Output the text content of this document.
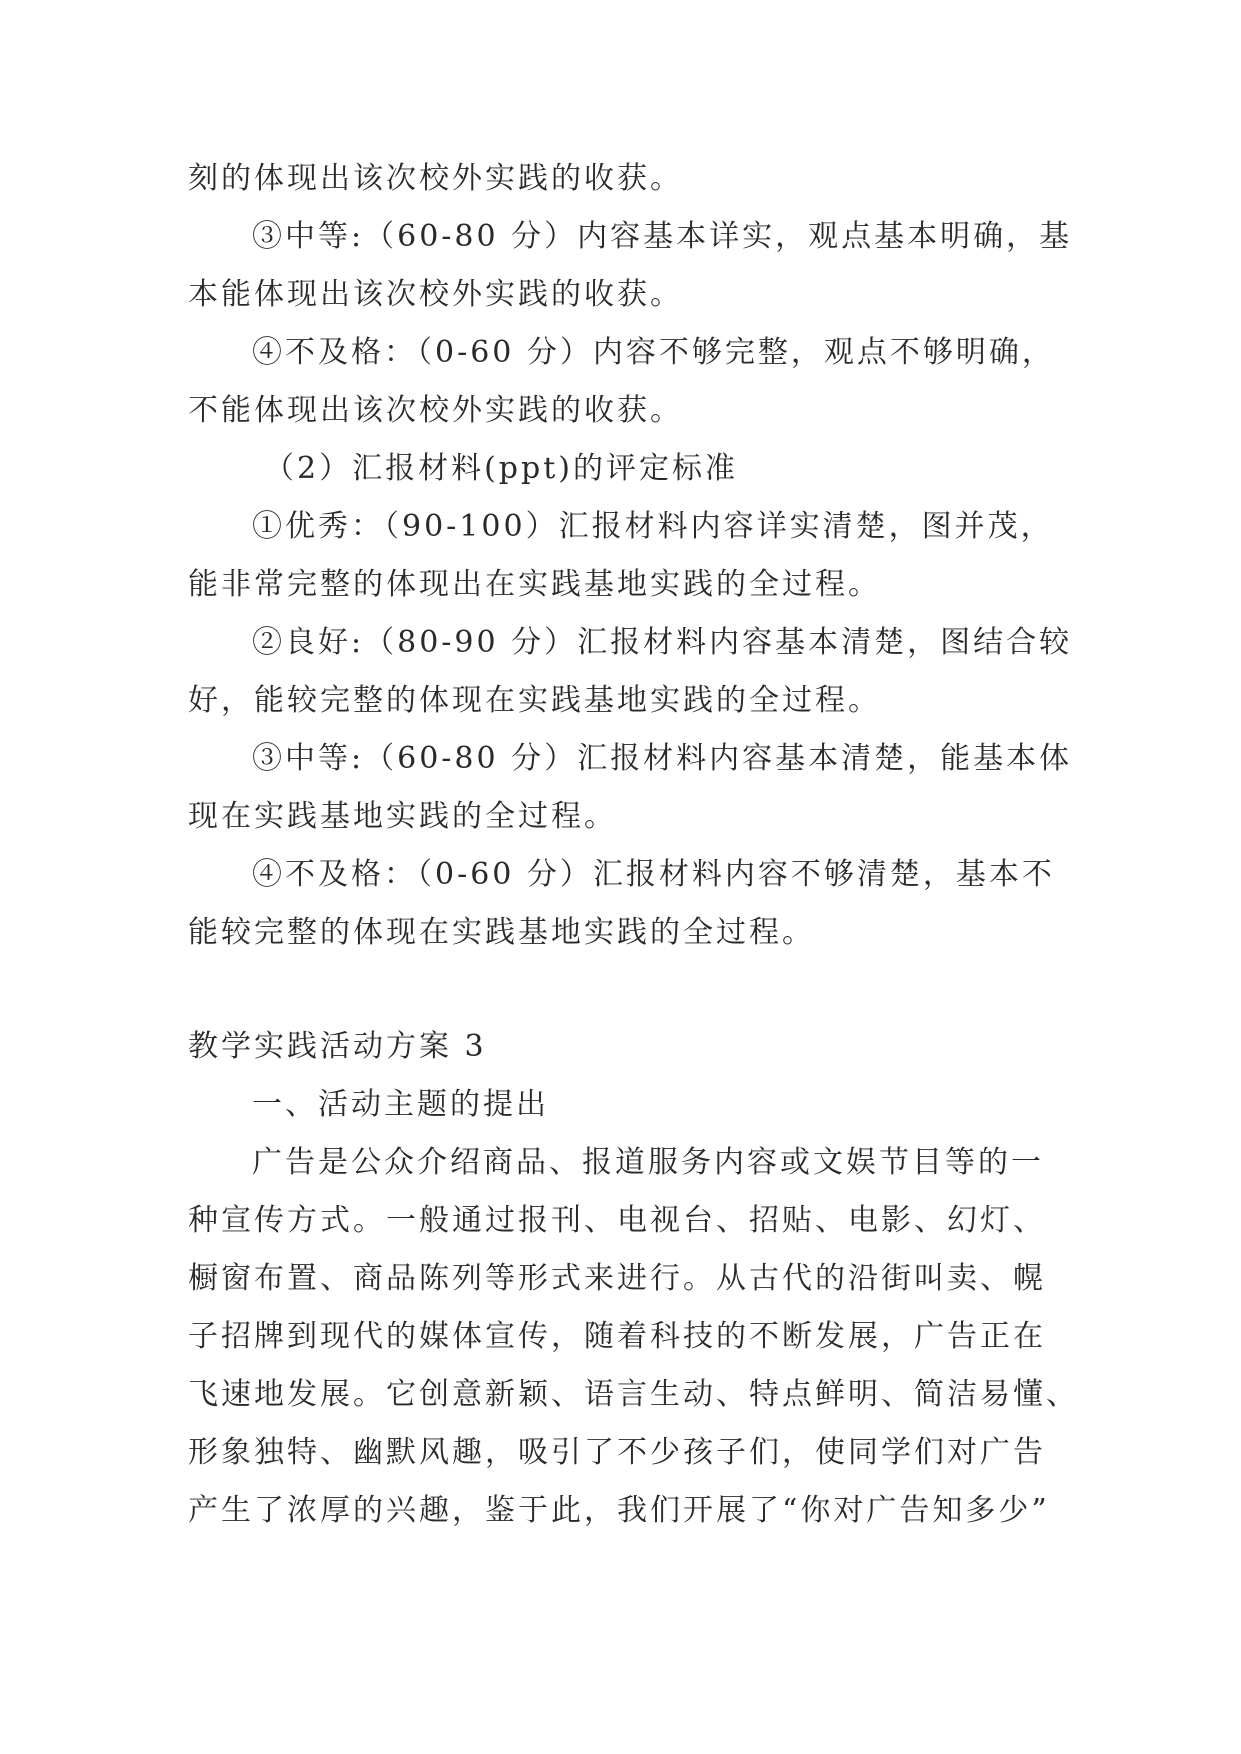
刻的体现出该次校外实践的收获。
③中等:（60-80 分）内容基本详实，观点基本明确，基
本能体现出该次校外实践的收获。
④不及格：（0-60 分）内容不够完整，观点不够明确，
不能体现出该次校外实践的收获。
（2）汇报材料(ppt)的评定标准
①优秀：（90-100）汇报材料内容详实清楚，图并茂，
能非常完整的体现出在实践基地实践的全过程。
②良好:（80-90 分）汇报材料内容基本清楚，图结合较
好，能较完整的体现在实践基地实践的全过程。
③中等:（60-80 分）汇报材料内容基本清楚，能基本体
现在实践基地实践的全过程。
④不及格：（0-60 分）汇报材料内容不够清楚，基本不
能较完整的体现在实践基地实践的全过程。
教学实践活动方案 3
一、活动主题的提出
广告是公众介绍商品、报道服务内容或文娱节目等的一
种宣传方式。一般通过报刊、电视台、招贴、电影、幻灯、
橱窗布置、商品陈列等形式来进行。从古代的沿街叫卖、幌
子招牌到现代的媒体宣传，随着科技的不断发展，广告正在
飞速地发展。它创意新颖、语言生动、特点鲜明、简洁易懂、
形象独特、幽默风趣，吸引了不少孩子们，使同学们对广告
产生了浓厚的兴趣，鉴于此，我们开展了“你对广告知多少”
